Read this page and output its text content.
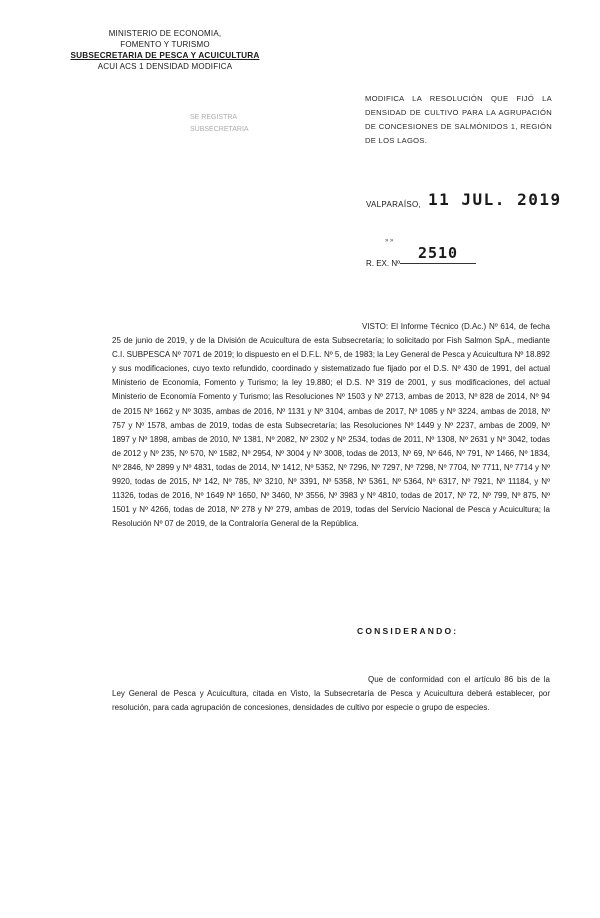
MINISTERIO DE ECONOMIA,
FOMENTO Y TURISMO
SUBSECRETARIA DE PESCA Y ACUICULTURA
ACUI ACS 1 DENSIDAD MODIFICA
SE REGISTRA
SUBSECRETARIA
MODIFICA LA RESOLUCIÓN QUE FIJÓ LA DENSIDAD DE CULTIVO PARA LA AGRUPACIÓN DE CONCESIONES DE SALMÓNIDOS 1, REGIÓN DE LOS LAGOS.
VALPARAÍSO, 11 JUL. 2019
» »
R. EX. Nº
2510
VISTO: El Informe Técnico (D.Ac.) Nº 614, de fecha 25 de junio de 2019, y de la División de Acuicultura de esta Subsecretaría; lo solicitado por Fish Salmon SpA., mediante C.I. SUBPESCA Nº 7071 de 2019; lo dispuesto en el D.F.L. Nº 5, de 1983; la Ley General de Pesca y Acuicultura Nº 18.892 y sus modificaciones, cuyo texto refundido, coordinado y sistematizado fue fijado por el D.S. Nº 430 de 1991, del actual Ministerio de Economía, Fomento y Turismo; la ley 19.880; el D.S. Nº 319 de 2001, y sus modificaciones, del actual Ministerio de Economía Fomento y Turismo; las Resoluciones Nº 1503 y Nº 2713, ambas de 2013, Nº 828 de 2014, Nº 94 de 2015 Nº 1662 y Nº 3035, ambas de 2016, Nº 1131 y Nº 3104, ambas de 2017, Nº 1085 y Nº 3224, ambas de 2018, Nº 757 y Nº 1578, ambas de 2019, todas de esta Subsecretaría; las Resoluciones Nº 1449 y Nº 2237, ambas de 2009, Nº 1897 y Nº 1898, ambas de 2010, Nº 1381, Nº 2082, Nº 2302 y Nº 2534, todas de 2011, Nº 1308, Nº 2631 y Nº 3042, todas de 2012 y Nº 235, Nº 570, Nº 1582, Nº 2954, Nº 3004 y Nº 3008, todas de 2013, Nº 69, Nº 646, Nº 791, Nº 1466, Nº 1834, Nº 2846, Nº 2899 y Nº 4831, todas de 2014, Nº 1412, Nº 5352, Nº 7296, Nº 7297, Nº 7298, Nº 7704, Nº 7711, Nº 7714 y Nº 9920, todas de 2015, Nº 142, Nº 785, Nº 3210, Nº 3391, Nº 5358, Nº 5361, Nº 5364, Nº 6317, Nº 7921, Nº 11184, y Nº 11326, todas de 2016, Nº 1649 Nº 1650, Nº 3460, Nº 3556, Nº 3983 y Nº 4810, todas de 2017, Nº 72, Nº 799, Nº 875, Nº 1501 y Nº 4266, todas de 2018, Nº 278 y Nº 279, ambas de 2019, todas del Servicio Nacional de Pesca y Acuicultura; la Resolución Nº 07 de 2019, de la Contraloría General de la República.
CONSIDERANDO:
Que de conformidad con el artículo 86 bis de la Ley General de Pesca y Acuicultura, citada en Visto, la Subsecretaría de Pesca y Acuicultura deberá establecer, por resolución, para cada agrupación de concesiones, densidades de cultivo por especie o grupo de especies.
